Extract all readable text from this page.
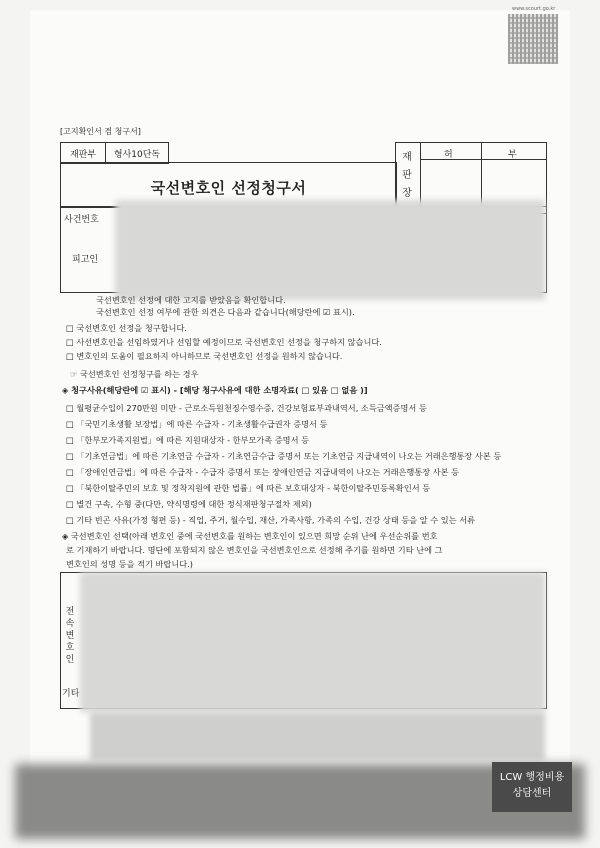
www.scourt.go.kr
[고지확인서 겸 청구서]
재판부	형사10단독
국선변호인 선정청구서
재판장
허	부
사건번호
피고인
국선변호인 선정에 대한 고지를 받았음을 확인합니다.
국선변호인 선정 여부에 관한 의견은 다음과 같습니다(해당란에 ☑ 표시).
□ 국선변호인 선정을 청구합니다.
□ 사선변호인을 선임하였거나 선임할 예정이므로 국선변호인 선정을 청구하지 않습니다.
□ 변호인의 도움이 필요하지 아니하므로 국선변호인 선정을 원하지 않습니다.
☞ 국선변호인 선정청구를 하는 경우
◈ 청구사유(해당란에 ☑ 표시) - [해당 청구사유에 대한 소명자료( □ 있음 □ 없음 )]
□ 월평균수입이 270만원 미만 - 근로소득원천징수영수증, 건강보험료부과내역서, 소득금액증명서 등
□ 「국민기초생활 보장법」에 따른 수급자 - 기초생활수급권자 증명서 등
□ 「한부모가족지원법」에 따른 지원대상자 - 한부모가족 증명서 등
□ 「기초연금법」에 따른 기초연금 수급자 - 기초연금수급 증명서 또는 기초연금 지급내역이 나오는 거래은행통장 사본 등
□ 「장애인연금법」에 따른 수급자 - 수급자 증명서 또는 장애인연금 지급내역이 나오는 거래은행통장 사본 등
□ 「북한이탈주민의 보호 및 정착지원에 관한 법률」에 따른 보호대상자 - 북한이탈주민등록확인서 등
□ 별건 구속, 수형 중(다만, 약식명령에 대한 정식재판청구절차 제외)
□ 기타 빈곤 사유(가정 형편 등) - 직업, 주거, 월수입, 재산, 가족사항, 가족의 수입, 건강 상태 등을 알 수 있는 서류
◈ 국선변호인 선택(아래 변호인 중에 국선변호를 원하는 변호인이 있으면 희망 순위 난에 우선순위를 번호
로 기재하기 바랍니다. 명단에 포함되지 않은 변호인을 국선변호인으로 선정해 주기를 원하면 기타 난에 그
변호인의 성명 등을 적기 바랍니다.)
전속변호인
기타
LCW 행정비용
상담센터
